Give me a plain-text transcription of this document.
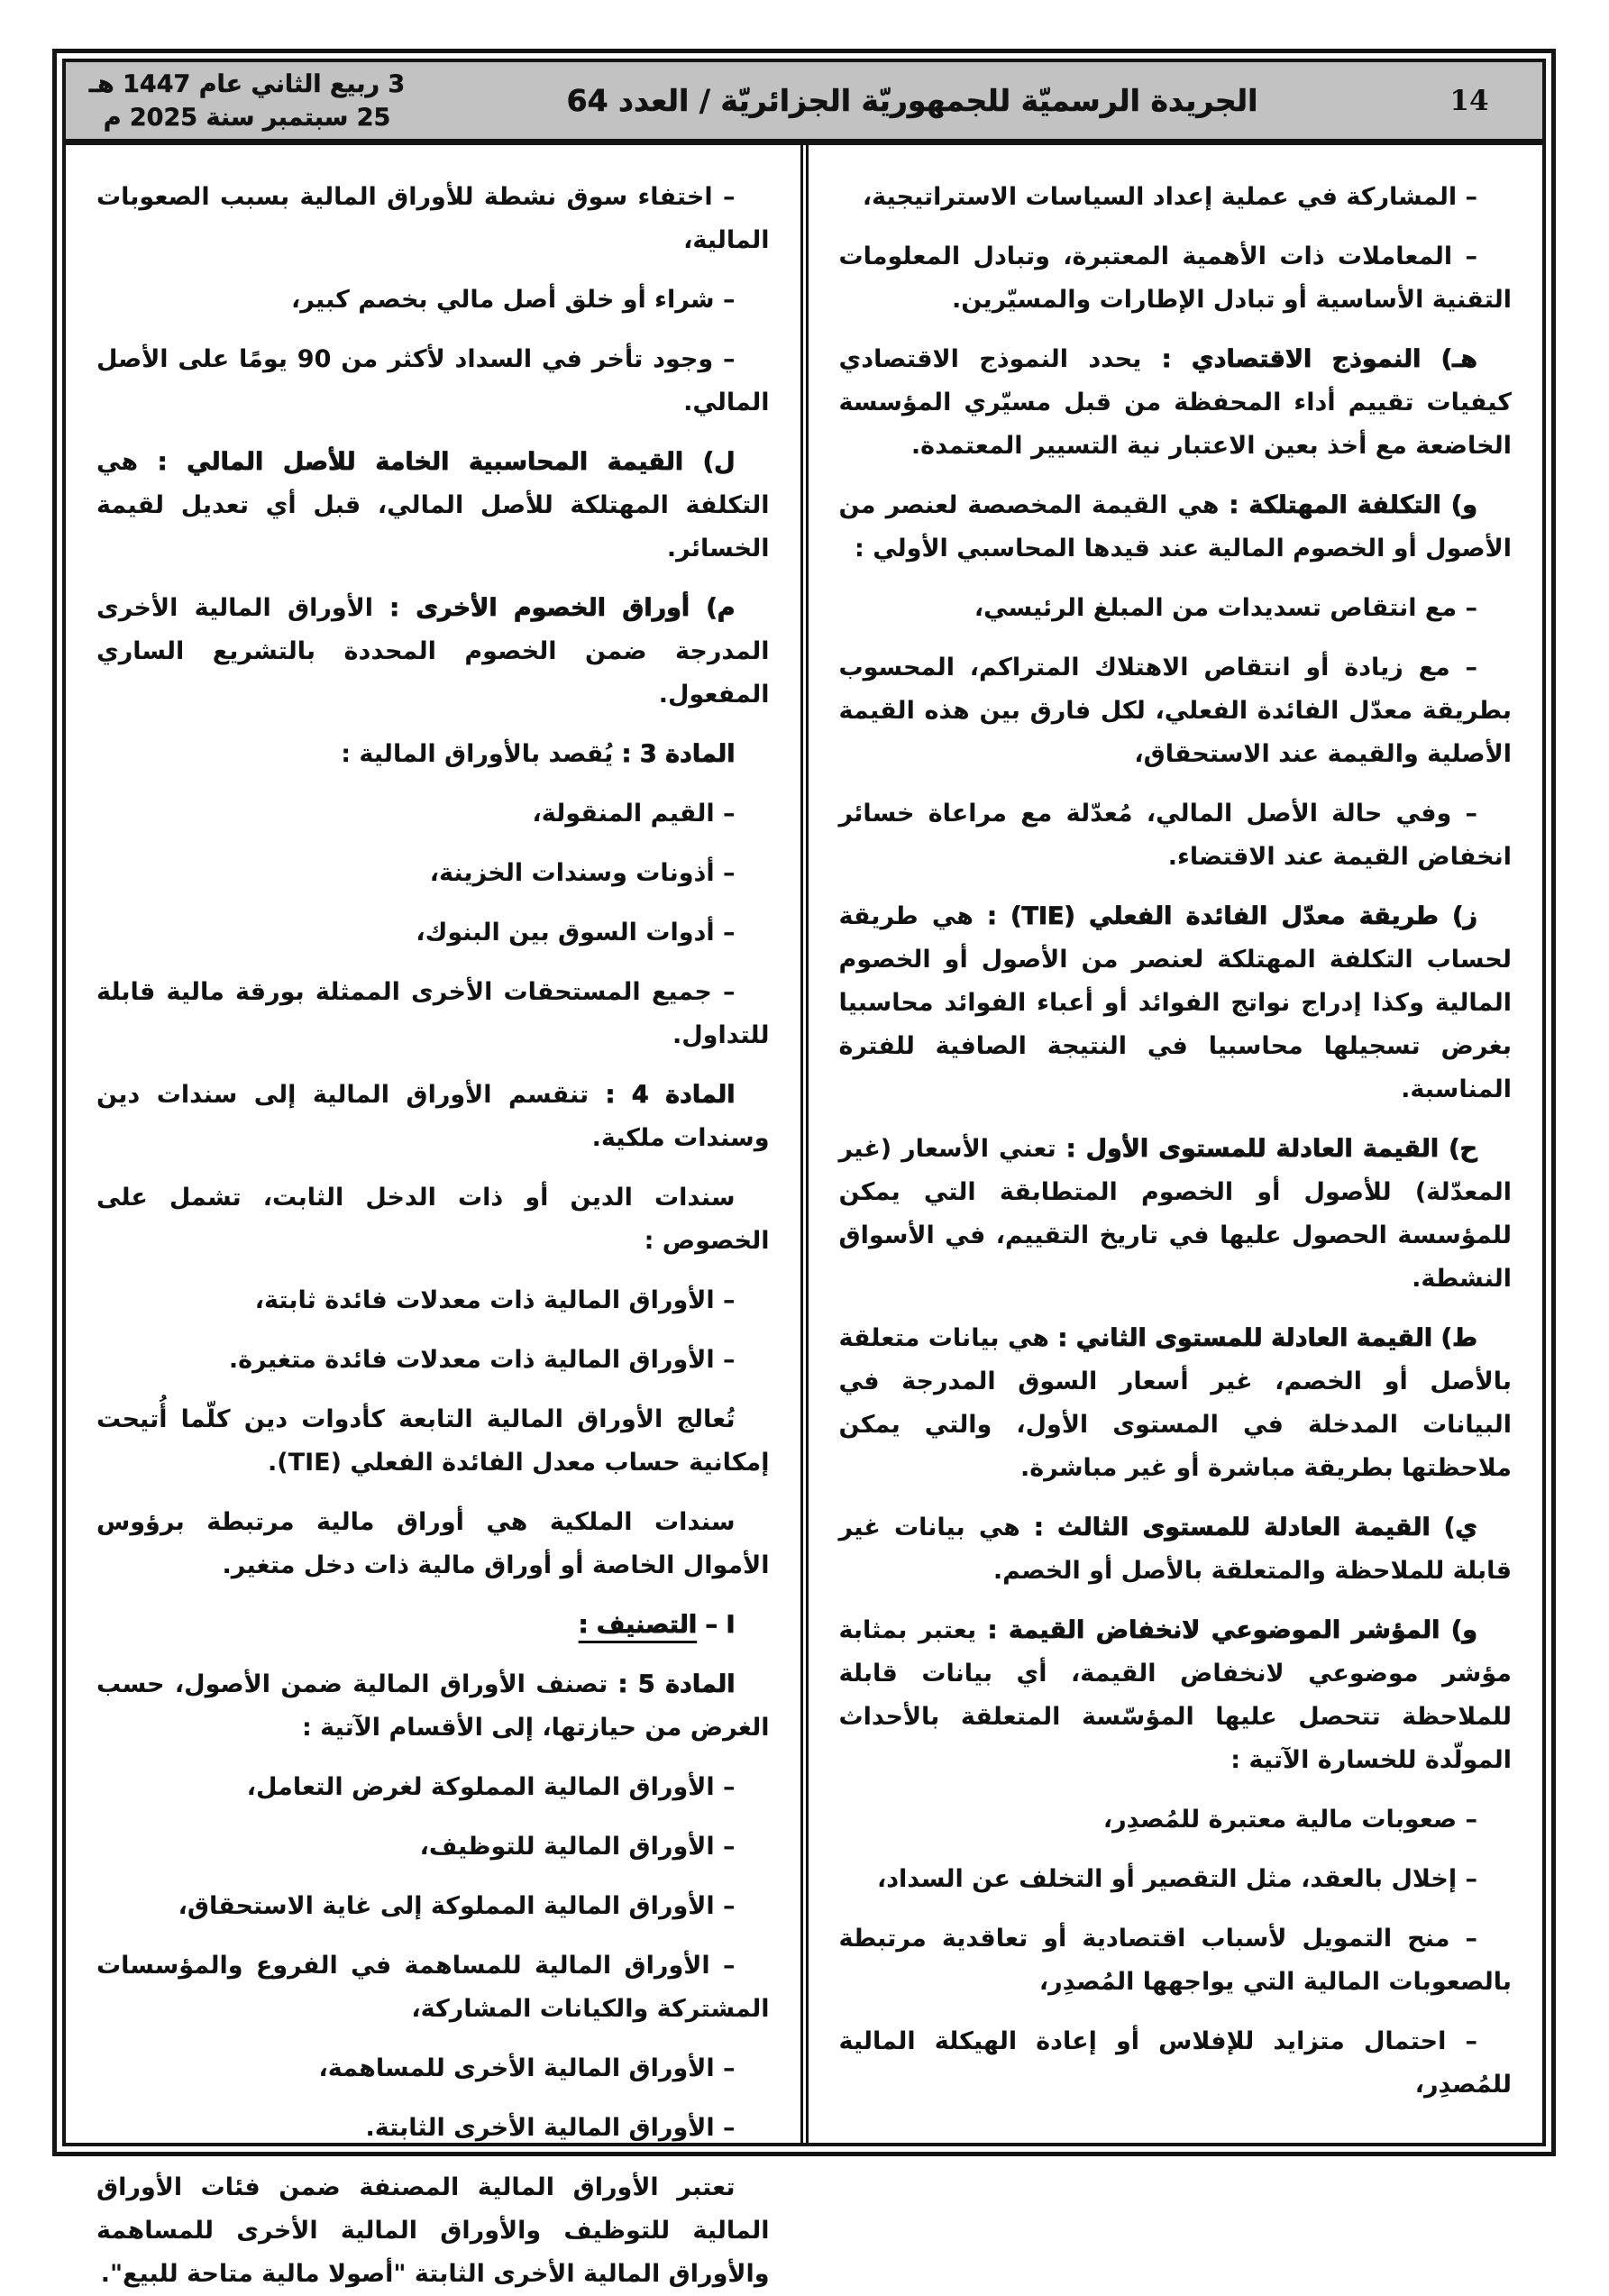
3 ربيع الثاني عام 1447 هـ
25 سبتمبر سنة 2025 م	الجريدة الرسميّة للجمهوريّة الجزائريّة / العدد 64	14

– اختفاء سوق نشطة للأوراق المالية بسبب الصعوبات المالية،

– شراء أو خلق أصل مالي بخصم كبير،

– وجود تأخر في السداد لأكثر من 90 يومًا على الأصل المالي.

ل) القيمة المحاسبية الخامة للأصل المالي : هي التكلفة المهتلكة للأصل المالي، قبل أي تعديل لقيمة الخسائر.

م) أوراق الخصوم الأخرى : الأوراق المالية الأخرى المدرجة ضمن الخصوم المحددة بالتشريع الساري المفعول.

المادة 3 : يُقصد بالأوراق المالية :

– القيم المنقولة،

– أذونات وسندات الخزينة،

– أدوات السوق بين البنوك،

– جميع المستحقات الأخرى الممثلة بورقة مالية قابلة للتداول.

المادة 4 : تنقسم الأوراق المالية إلى سندات دين وسندات ملكية.

سندات الدين أو ذات الدخل الثابت، تشمل على الخصوص :

– الأوراق المالية ذات معدلات فائدة ثابتة،

– الأوراق المالية ذات معدلات فائدة متغيرة.

تُعالج الأوراق المالية التابعة كأدوات دين كلّما أُتيحت إمكانية حساب معدل الفائدة الفعلي (TIE).

سندات الملكية هي أوراق مالية مرتبطة برؤوس الأموال الخاصة أو أوراق مالية ذات دخل متغير.

I – التصنيف :

المادة 5 : تصنف الأوراق المالية ضمن الأصول، حسب الغرض من حيازتها، إلى الأقسام الآتية :

– الأوراق المالية المملوكة لغرض التعامل،

– الأوراق المالية للتوظيف،

– الأوراق المالية المملوكة إلى غاية الاستحقاق،

– الأوراق المالية للمساهمة في الفروع والمؤسسات المشتركة والكيانات المشاركة،

– الأوراق المالية الأخرى للمساهمة،

– الأوراق المالية الأخرى الثابتة.

تعتبر الأوراق المالية المصنفة ضمن فئات الأوراق المالية للتوظيف والأوراق المالية الأخرى للمساهمة والأوراق المالية الأخرى الثابتة "أصولا مالية متاحة للبيع".

– المشاركة في عملية إعداد السياسات الاستراتيجية،

– المعاملات ذات الأهمية المعتبرة، وتبادل المعلومات التقنية الأساسية أو تبادل الإطارات والمسيّرين.

هـ) النموذج الاقتصادي : يحدد النموذج الاقتصادي كيفيات تقييم أداء المحفظة من قبل مسيّري المؤسسة الخاضعة مع أخذ بعين الاعتبار نية التسيير المعتمدة.

و) التكلفة المهتلكة : هي القيمة المخصصة لعنصر من الأصول أو الخصوم المالية عند قيدها المحاسبي الأولي :

– مع انتقاص تسديدات من المبلغ الرئيسي،

– مع زيادة أو انتقاص الاهتلاك المتراكم، المحسوب بطريقة معدّل الفائدة الفعلي، لكل فارق بين هذه القيمة الأصلية والقيمة عند الاستحقاق،

– وفي حالة الأصل المالي، مُعدّلة مع مراعاة خسائر انخفاض القيمة عند الاقتضاء.

ز) طريقة معدّل الفائدة الفعلي (TIE) : هي طريقة لحساب التكلفة المهتلكة لعنصر من الأصول أو الخصوم المالية وكذا إدراج نواتج الفوائد أو أعباء الفوائد محاسبيا بغرض تسجيلها محاسبيا في النتيجة الصافية للفترة المناسبة.

ح) القيمة العادلة للمستوى الأول : تعني الأسعار (غير المعدّلة) للأصول أو الخصوم المتطابقة التي يمكن للمؤسسة الحصول عليها في تاريخ التقييم، في الأسواق النشطة.

ط) القيمة العادلة للمستوى الثاني : هي بيانات متعلقة بالأصل أو الخصم، غير أسعار السوق المدرجة في البيانات المدخلة في المستوى الأول، والتي يمكن ملاحظتها بطريقة مباشرة أو غير مباشرة.

ي) القيمة العادلة للمستوى الثالث : هي بيانات غير قابلة للملاحظة والمتعلقة بالأصل أو الخصم.

و) المؤشر الموضوعي لانخفاض القيمة : يعتبر بمثابة مؤشر موضوعي لانخفاض القيمة، أي بيانات قابلة للملاحظة تتحصل عليها المؤسّسة المتعلقة بالأحداث المولّدة للخسارة الآتية :

– صعوبات مالية معتبرة للمُصدِر،

– إخلال بالعقد، مثل التقصير أو التخلف عن السداد،

– منح التمويل لأسباب اقتصادية أو تعاقدية مرتبطة بالصعوبات المالية التي يواجهها المُصدِر،

– احتمال متزايد للإفلاس أو إعادة الهيكلة المالية للمُصدِر،
